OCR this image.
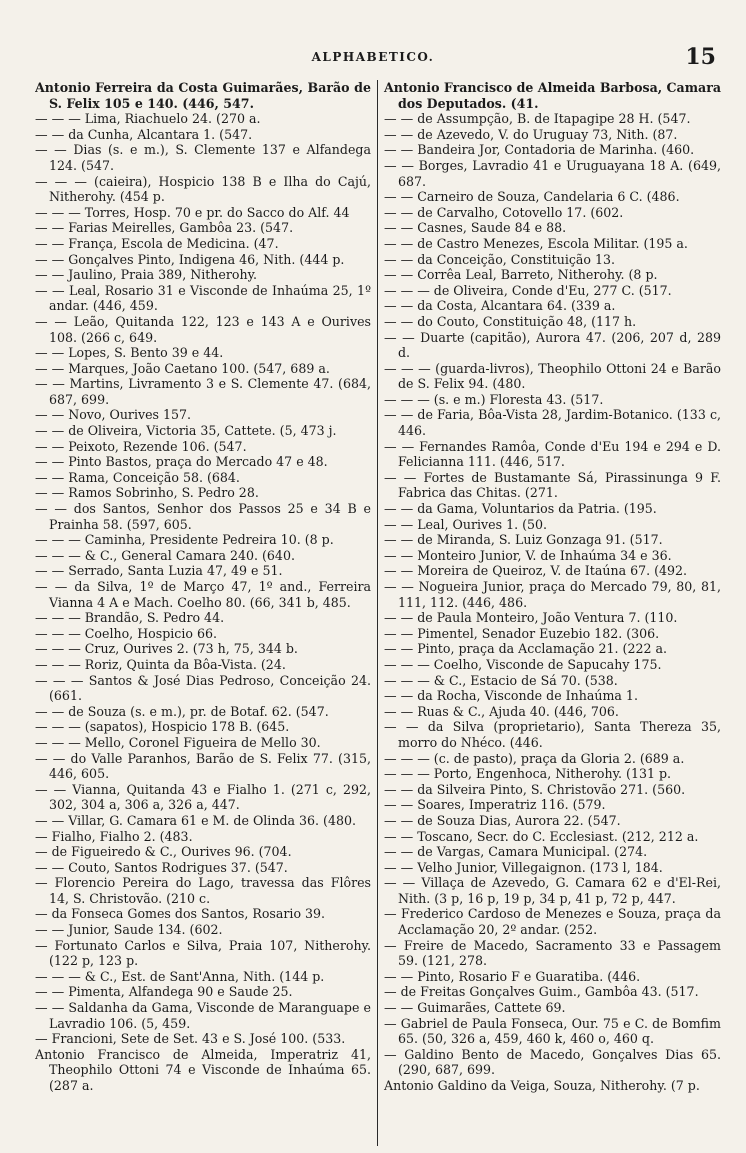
ALPHABETICO.	15

Antonio Ferreira da Costa Guimarães, Barão de S. Felix 105 e 140. (446, 547.

— — — Lima, Riachuelo 24. (270 a.

— — da Cunha, Alcantara 1. (547.

— — Dias (s. e m.), S. Clemente 137 e Alfandega 124. (547.

— — — (caieira), Hospicio 138 B e Ilha do Cajú, Nitherohy. (454 p.

— — — Torres, Hosp. 70 e pr. do Sacco do Alf. 44

— — Farias Meirelles, Gambôa 23. (547.

— — França, Escola de Medicina. (47.

— — Gonçalves Pinto, Indigena 46, Nith. (444 p.

— — Jaulino, Praia 389, Nitherohy.

— — Leal, Rosario 31 e Visconde de Inhaúma 25, 1º andar. (446, 459.

— — Leão, Quitanda 122, 123 e 143 A e Ourives 108. (266 c, 649.

— — Lopes, S. Bento 39 e 44.

— — Marques, João Caetano 100. (547, 689 a.

— — Martins, Livramento 3 e S. Clemente 47. (684, 687, 699.

— — Novo, Ourives 157.

— — de Oliveira, Victoria 35, Cattete. (5, 473 j.

— — Peixoto, Rezende 106. (547.

— — Pinto Bastos, praça do Mercado 47 e 48.

— — Rama, Conceição 58. (684.

— — Ramos Sobrinho, S. Pedro 28.

— — dos Santos, Senhor dos Passos 25 e 34 B e Prainha 58. (597, 605.

— — — Caminha, Presidente Pedreira 10. (8 p.

— — — & C., General Camara 240. (640.

— — Serrado, Santa Luzia 47, 49 e 51.

— — da Silva, 1º de Março 47, 1º and., Ferreira Vianna 4 A e Mach. Coelho 80. (66, 341 b, 485.

— — — Brandão, S. Pedro 44.

— — — Coelho, Hospicio 66.

— — — Cruz, Ourives 2. (73 h, 75, 344 b.

— — — Roriz, Quinta da Bôa-Vista. (24.

— — — Santos & José Dias Pedroso, Conceição 24. (661.

— — de Souza (s. e m.), pr. de Botaf. 62. (547.

— — — (sapatos), Hospicio 178 B. (645.

— — — Mello, Coronel Figueira de Mello 30.

— — do Valle Paranhos, Barão de S. Felix 77. (315, 446, 605.

— — Vianna, Quitanda 43 e Fialho 1. (271 c, 292, 302, 304 a, 306 a, 326 a, 447.

— — Villar, G. Camara 61 e M. de Olinda 36. (480.

— Fialho, Fialho 2. (483.

— de Figueiredo & C., Ourives 96. (704.

— — Couto, Santos Rodrigues 37. (547.

— Florencio Pereira do Lago, travessa das Flôres 14, S. Christovão. (210 c.

— da Fonseca Gomes dos Santos, Rosario 39.

— — Junior, Saude 134. (602.

— Fortunato Carlos e Silva, Praia 107, Nitherohy. (122 p, 123 p.

— — — & C., Est. de Sant'Anna, Nith. (144 p.

— — Pimenta, Alfandega 90 e Saude 25.

— — Saldanha da Gama, Visconde de Maranguape e Lavradio 106. (5, 459.

— Francioni, Sete de Set. 43 e S. José 100. (533.

Antonio Francisco de Almeida, Imperatriz 41, Theophilo Ottoni 74 e Visconde de Inhaúma 65. (287 a.

Antonio Francisco de Almeida Barbosa, Camara dos Deputados. (41.

— — de Assumpção, B. de Itapagipe 28 H. (547.

— — de Azevedo, V. do Uruguay 73, Nith. (87.

— — Bandeira Jor, Contadoria de Marinha. (460.

— — Borges, Lavradio 41 e Uruguayana 18 A. (649, 687.

— — Carneiro de Souza, Candelaria 6 C. (486.

— — de Carvalho, Cotovello 17. (602.

— — Casnes, Saude 84 e 88.

— — de Castro Menezes, Escola Militar. (195 a.

— — da Conceição, Constituição 13.

— — Corrêa Leal, Barreto, Nitherohy. (8 p.

— — — de Oliveira, Conde d'Eu, 277 C. (517.

— — da Costa, Alcantara 64. (339 a.

— — do Couto, Constituição 48, (117 h.

— — Duarte (capitão), Aurora 47. (206, 207 d, 289 d.

— — — (guarda-livros), Theophilo Ottoni 24 e Barão de S. Felix 94. (480.

— — — (s. e m.) Floresta 43. (517.

— — de Faria, Bôa-Vista 28, Jardim-Botanico. (133 c, 446.

— — Fernandes Ramôa, Conde d'Eu 194 e 294 e D. Felicianna 111. (446, 517.

— — Fortes de Bustamante Sá, Pirassinunga 9 F. Fabrica das Chitas. (271.

— — da Gama, Voluntarios da Patria. (195.

— — Leal, Ourives 1. (50.

— — de Miranda, S. Luiz Gonzaga 91. (517.

— — Monteiro Junior, V. de Inhaúma 34 e 36.

— — Moreira de Queiroz, V. de Itaúna 67. (492.

— — Nogueira Junior, praça do Mercado 79, 80, 81, 111, 112. (446, 486.

— — de Paula Monteiro, João Ventura 7. (110.

— — Pimentel, Senador Euzebio 182. (306.

— — Pinto, praça da Acclamação 21. (222 a.

— — — Coelho, Visconde de Sapucahy 175.

— — — & C., Estacio de Sá 70. (538.

— — da Rocha, Visconde de Inhaúma 1.

— — Ruas & C., Ajuda 40. (446, 706.

— — da Silva (proprietario), Santa Thereza 35, morro do Nhéco. (446.

— — — (c. de pasto), praça da Gloria 2. (689 a.

— — — Porto, Engenhoca, Nitherohy. (131 p.

— — da Silveira Pinto, S. Christovão 271. (560.

— — Soares, Imperatriz 116. (579.

— — de Souza Dias, Aurora 22. (547.

— — Toscano, Secr. do C. Ecclesiast. (212, 212 a.

— — de Vargas, Camara Municipal. (274.

— — Velho Junior, Villegaignon. (173 l, 184.

— — Villaça de Azevedo, G. Camara 62 e d'El-Rei, Nith. (3 p, 16 p, 19 p, 34 p, 41 p, 72 p, 447.

— Frederico Cardoso de Menezes e Souza, praça da Acclamação 20, 2º andar. (252.

— Freire de Macedo, Sacramento 33 e Passagem 59. (121, 278.

— — Pinto, Rosario F e Guaratiba. (446.

— de Freitas Gonçalves Guim., Gambôa 43. (517.

— — Guimarães, Cattete 69.

— Gabriel de Paula Fonseca, Our. 75 e C. de Bomfim 65. (50, 326 a, 459, 460 k, 460 o, 460 q.

— Galdino Bento de Macedo, Gonçalves Dias 65. (290, 687, 699.

Antonio Galdino da Veiga, Souza, Nitherohy. (7 p.
